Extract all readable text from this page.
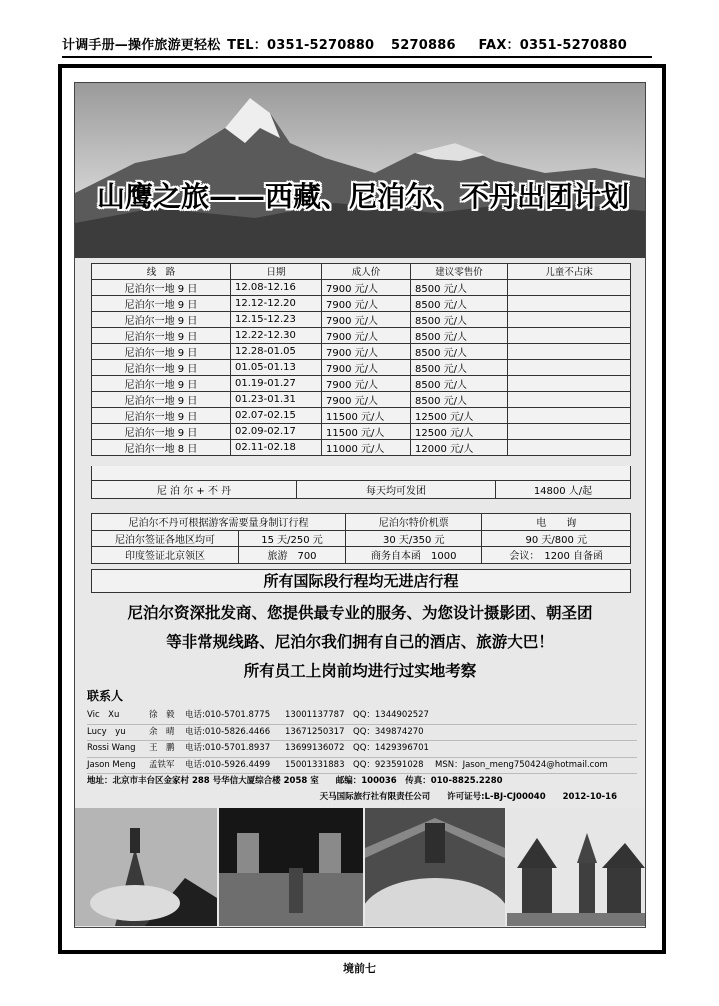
计调手册—操作旅游更轻松 TEL：0351-5270880 5270886 FAX：0351-5270880
山鹰之旅——西藏、尼泊尔、不丹出团计划
线　路	日期	成人价	建议零售价	儿童不占床
尼泊尔一地 9 日	12.08-12.16	7900 元/人	8500 元/人	
尼泊尔一地 9 日	12.12-12.20	7900 元/人	8500 元/人	
尼泊尔一地 9 日	12.15-12.23	7900 元/人	8500 元/人	
尼泊尔一地 9 日	12.22-12.30	7900 元/人	8500 元/人	
尼泊尔一地 9 日	12.28-01.05	7900 元/人	8500 元/人	
尼泊尔一地 9 日	01.05-01.13	7900 元/人	8500 元/人	
尼泊尔一地 9 日	01.19-01.27	7900 元/人	8500 元/人	
尼泊尔一地 9 日	01.23-01.31	7900 元/人	8500 元/人	
尼泊尔一地 9 日	02.07-02.15	11500 元/人	12500 元/人	
尼泊尔一地 9 日	02.09-02.17	11500 元/人	12500 元/人	
尼泊尔一地 8 日	02.11-02.18	11000 元/人	12000 元/人	
尼 泊 尔 + 不 丹	每天均可发团	14800 人/起
尼泊尔不丹可根据游客需要量身制订行程		尼泊尔特价机票	电　　询
尼泊尔签证各地区均可	15 天/250 元	30 天/350 元	90 天/800 元
印度签证北京领区	旅游　700	商务自本函　1000	会议：　1200 自备函
所有国际段行程均无进店行程
尼泊尔资深批发商、您提供最专业的服务、为您设计摄影团、朝圣团
等非常规线路、尼泊尔我们拥有自己的酒店、旅游大巴！
所有员工上岗前均进行过实地考察
联系人
Vic　Xu	徐　毅 电话:010-5701.8775 13001137787 QQ：1344902527
Lucy　yu	余　晴 电话:010-5826.4466 13671250317 QQ：349874270
Rossi Wang 王　鹏 电话:010-5701.8937 13699136072 QQ：1429396701
Jason Meng 孟铁军 电话:010-5926.4499 15001331883 QQ：923591028 MSN：Jason_meng750424@hotmail.com
地址：北京市丰台区金家村 288 号华信大厦综合楼 2058 室　　邮编：100036　传真：010-8825.2280
天马国际旅行社有限责任公司　　许可证号:L-BJ-CJ00040　　2012-10-16
境前七
